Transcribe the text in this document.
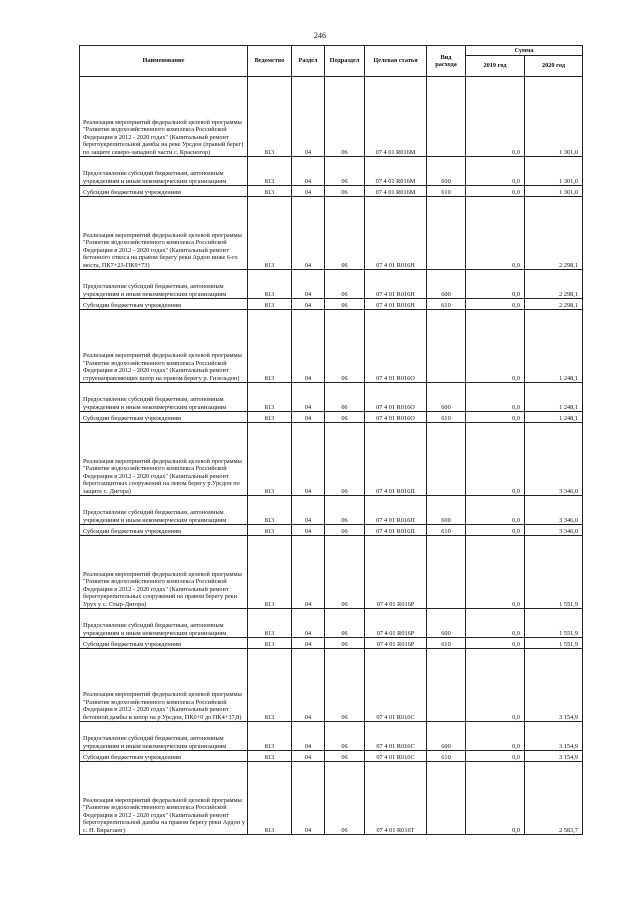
246
Наименование	Ведомство	Раздел	Подраздел	Целевая статья	Вид расхода	Сумма	
						2019 год	2020 год
Реализация мероприятий федеральной целевой программы "Развитие водохозяйственного комплекса Российской Федерации в 2012 - 2020 годах" (Капитальный ремонт берегоукрепительной дамбы на реке Урсдон (правый берег) по защите северо-западной части с. Красногор)	813	04	06	07 4 01 R016M		0,0	1 301,0
Предоставление субсидий бюджетным, автономным учреждениям и иным некоммерческим организациям	813	04	06	07 4 01 R016M	600	0,0	1 301,0
Субсидии бюджетным учреждениям	813	04	06	07 4 01 R016M	610	0,0	1 301,0
Реализация мероприятий федеральной целевой программы "Развитие водохозяйственного комплекса Российской Федерации в 2012 - 2020 годах" (Капитальный ремонт бетонного откоса на правом берегу реки Ардон ниже 6-го моста, ПК7+23-ПК9+73)	813	04	06	07 4 01 R016Н		0,0	2 298,1
Предоставление субсидий бюджетным, автономным учреждениям и иным некоммерческим организациям	813	04	06	07 4 01 R016Н	600	0,0	2 298,1
Субсидии бюджетным учреждениям	813	04	06	07 4 01 R016Н	610	0,0	2 298,1
Реализация мероприятий федеральной целевой программы "Развитие водохозяйственного комплекса Российской Федерации в 2012 - 2020 годах" (Капитальный ремонт струенаправляющих шпор на правом берегу р. Гизельдон)	813	04	06	07 4 01 R016О		0,0	1 248,1
Предоставление субсидий бюджетным, автономным учреждениям и иным некоммерческим организациям	813	04	06	07 4 01 R016О	600	0,0	1 248,1
Субсидии бюджетным учреждениям	813	04	06	07 4 01 R016О	610	0,0	1 248,1
Реализация мероприятий федеральной целевой программы "Развитие водохозяйственного комплекса Российской Федерации в 2012 - 2020 годах" (Капитальный ремонт берегозащитных сооружений на левом берегу р.Урсдон по защите с. Дигора)	813	04	06	07 4 01 R016П		0,0	3 346,0
Предоставление субсидий бюджетным, автономным учреждениям и иным некоммерческим организациям	813	04	06	07 4 01 R016П	600	0,0	3 346,0
Субсидии бюджетным учреждениям	813	04	06	07 4 01 R016П	610	0,0	3 346,0
Реализация мероприятий федеральной целевой программы "Развитие водохозяйственного комплекса Российской Федерации в 2012 - 2020 годах" (Капитальный ремонт берегоукрепительных сооружений на правом берегу реки Урух у с. Стыр-Дигора)	813	04	06	07 4 01 R016Р		0,0	1 551,9
Предоставление субсидий бюджетным, автономным учреждениям и иным некоммерческим организациям	813	04	06	07 4 01 R016Р	600	0,0	1 551,9
Субсидии бюджетным учреждениям	813	04	06	07 4 01 R016Р	610	0,0	1 551,9
Реализация мероприятий федеральной целевой программы "Развитие водохозяйственного комплекса Российской Федерации в 2012 - 2020 годах" (Капитальный ремонт бетонной дамбы и шпор на р.Урсдон, ПК0+0 до ПК4+37,8)	813	04	06	07 4 01 R016С		0,0	3 154,9
Предоставление субсидий бюджетным, автономным учреждениям и иным некоммерческим организациям	813	04	06	07 4 01 R016С	600	0,0	3 154,9
Субсидии бюджетным учреждениям	813	04	06	07 4 01 R016С	610	0,0	3 154,9
Реализация мероприятий федеральной целевой программы "Развитие водохозяйственного комплекса Российской Федерации в 2012 - 2020 годах" (Капитальный ремонт берегоукрепительной дамбы на правом берегу реки Ардон у с. Н. Бирагзанг)	813	04	06	07 4 01 R016Т		0,0	2 583,7
